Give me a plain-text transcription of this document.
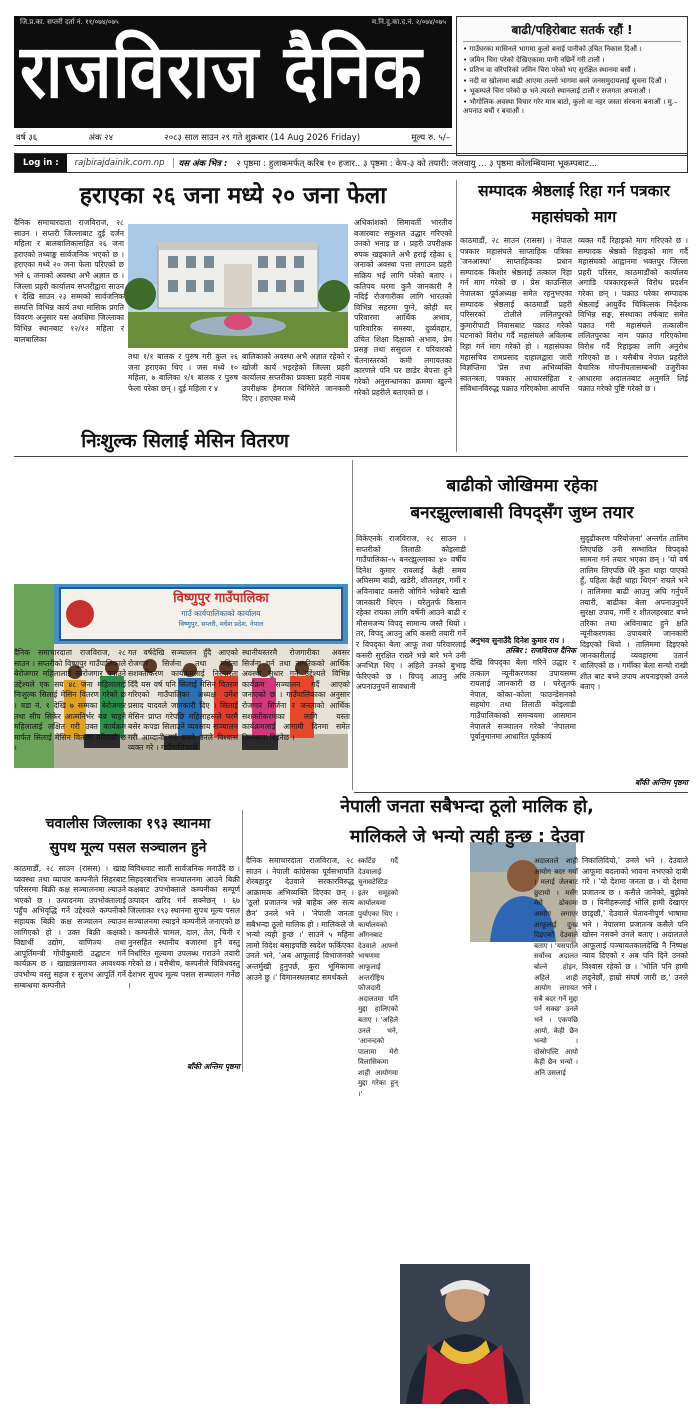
जि.प्र.का. सप्तरी दर्ता नं. ११/०७४/०७५	म.नि.दु.का.द.नं. २/०७४/०७५
राजविराज दैनिक	बाढी/पहिरोबाट सतर्क रहौं !
• गाउँघरका मासिनले भागमा कुलो बनाई पानीको उचित निकास दिऔं ।
• जमिन चिरा परेको देखिएकामा पानी नछिर्ने गरी टालौं ।
• प्रतिभ वा वरिपरिको जमिन चिरा परेको भए सुरक्षित स्थानमा बसौं ।
• नदी वा खोलामा बाढी आएमा तल्लो भागमा बस्ने जनसमुदायलाई सूचना दिऔं ।
• भूकम्पले चिरा परेको छ भने त्यस्तो स्थानलाई टालौं र सजगता अपनाऔं ।
• भौगोलिक अवस्था विचार गरेर मात्र बाटो, कुलो वा नहर जस्ता संरचना बनाऔं । मु.–अपनाउ बचौं र बचाऔं ।
वर्ष ३६	अंक २४	२०८३ साल साउन २९ गते शुक्रबार (14 Aug 2026 Friday)	मूल्य रु. ५/–
Log in :	rajbirajdainik.com.np	यस अंक भित्र :	२ पृष्ठमा : हुलाकमर्फत् करिब १० हजार.. ३ पृष्ठमा : केप-३ को तयारी: जलवायु ... ३ पृष्ठमा कोलम्बियामा भूकम्पबाट...
हराएका २६ जना मध्ये २० जना फेला
दैनिक समाचारदाता राजविराज, २८ साउन । सप्तरी जिल्लाबाट दुई दर्जन महिला र बालबालिकासहित २६ जना हराएको तथ्याङ्क सार्वजनिक भएको छ । हराएका मध्ये २० जना फेला परिएको छ भने ६ जनाको अवस्था अभै अज्ञात छ । जिल्ला प्रहरी कार्यालय सप्तरीद्वारा साउन १ देखि साउन २३ सम्मको सार्वजनिक सम्पत्ति विभिन्न कार्य तथा मासिक प्रगति विवरण अनुसार यस अवधिमा जिल्लाका विभिन्न स्थानबाट १२/१२ महिला र बालबालिका
तथा १/१ बालक र पुरुष गरी कुल २६ जना हराएका थिए । जस मध्ये १० महिला, ७ बालिका १/१ बालक र पुरुष फेला परेका छन् । दुई महिला र ४
बालिकाको अवस्था अभै अज्ञात रहेको र खोजी कार्य भइरहेको जिल्ला प्रहरी कार्यालय सप्तरीका प्रवक्ता प्रहरी नायब उपरीक्षक हेमराज थिमिरेले जानकारी दिए । हराएका मध्ये
अधिकांशको सिमावर्ती भारतीय बजारबाट सकुशल उद्धार गरिएको उनको भनाइ छ । प्रहरी उपरीक्षक रुपक खड्काले अभै हराई रहेका ६ जनाको अवस्था पत्ता लगाउन प्रहरी सक्रिय भई लागि परेको बताए । कतिपय घरमा कुनै जानकारी नै नदिई रोजगारीका लागि भारतको विभिन्न सहरमा पुग्ने, कोही घर परिवारमा आर्थिक अभाव, पारिवारिक समस्या, दुर्व्यवहार, उचित शिक्षा दिक्षाको अभाव, प्रेम प्रसङ्ग तथा ससुराल र परिवारको चेतनास्तरको कमी लगायतका कारणले पनि घर छाडेर बेपत्ता हुने गरेको अनुसन्धानका क्रममा खुल्ने गरेको प्रहरीले बताएको छ ।
सम्पादक श्रेष्ठलाई रिहा गर्न पत्रकार महासंघको माग
काठमाडौं, २८ साउन (रासस) । नेपाल पत्रकार महासंघले साप्ताहिक पत्रिका 'जनआस्था' साप्ताहिकका प्रधान सम्पादक किशोर श्रेष्ठलाई तत्काल रिहा गर्न माग गरेको छ । प्रेस काउन्सिल नेपालका पूर्वअध्यक्ष समेत रहनुभएका सम्पादक श्रेष्ठलाई काठमाडौं प्रहरी परिसरको टोलीले ललितपुरको कुमारीपाटी निवासबाट पक्राउ गरेको घटनाको विरोध गर्दै महासंघले अविलम्ब रिहा गर्न माग गरेको हो । महासंघका महासचिव रामप्रसाद दाहालद्वारा जारी विज्ञप्तिमा 'प्रेस तथा अभिव्यक्ति स्वतन्त्रता, पत्रकार आचारसंहिता र संविधानविरुद्ध पक्राउ गरिएकोमा आपत्ति
व्यक्त गर्दै रिहाइको माग गरिएको छ । सम्पादक श्रेष्ठको रिहाइको माग गर्दै महासंघको आह्वानमा भक्तपुर जिल्ला प्रहरी परिसर, काठमाडौंको कार्यालय अगाडि पत्रकारहरूले विरोध प्रदर्शन गरेका छन् । पक्राउ परेका सम्पादक श्रेष्ठलाई आयुर्वेद चिकित्सक निर्देशक विभिन्न सङ्घ, संस्थाका तर्फबाट समेत पक्राउ गरी महासंघले तत्कालीन ललितपुरका नाम पक्राउ गरिएकोमा विरोध गर्दै रिहाइका लागि अनुरोध गरिएको छ । यसैबीच नेपाल प्रहरीले वैचारिक गोपनीयतासम्बन्धी उजुरीका आधारमा अदालतबाट अनुमति लिई पक्राउ गरेको पुष्टि गरेको छ ।
निःशुल्क सिलाई मेसिन वितरण
विष्णुपुर गाउँपालिका
गाउँ कार्यपालिकाको कार्यालय
विष्णुपुर, सप्तरी, मधेश प्रदेश, नेपाल
दैनिक समाचारदाता राजविराज, २८ साउन । सप्तरीको विष्णुपुर गाउँपालिकाले बेरोजगार महिलालाई स्वरोजगार बनाउने उद्देश्यले एक सय ४८ जना महिलालाई निःशुल्क सिलाई मेसिन वितरण गरेको छ । वडा नं. १ देखि ७ सम्मका बेरोजगार तथा सीप सिकेर आत्मनिर्भर बन्न चाहने महिलालाई लक्षित गरी उक्त कार्यक्रम मार्फत सिलाई मेसिन वितरण गरिएको छ ।
गत वर्षदेखि सञ्चालन हुँदै आएको रोजगार सिर्जना तथा महिला सशक्तीकरण कार्यक्रमलाई निरन्तरता दिँदै यस वर्ष पनि सिलाई मेसिन वितरण गरिएको गाउँपालिका अध्यक्ष उमेश प्रसाद यादवले जानकारी दिए । सिलाई मेसिन प्राप्त गरेपछि महिलाहरूले घरमै बसेर कपडा सिलाउने व्यवसाय सञ्चालन गरी आम्दानी गर्न सक्ने उनले विश्वास व्यक्त गरे । गाउँपालिकाले
स्थानीयस्तरमै रोजगारीका अवसर सिर्जना गर्न तथा नागरिकको आर्थिक अवस्था सुधार गर्ने उद्देश्यले विभिन्न कार्यक्रम सञ्चालन गर्दै आएको जनाएको छ । गाउँपालिकाका अनुसार रोजगार सिर्जना र जनताको आर्थिक सशक्तीकरणका लागि यस्ता कार्यक्रमलाई आगामी दिनमा समेत निरन्तरता दिइनेछ ।
बाढीको जोखिममा रहेका
बनरझुल्लाबासी विपद्सँग जुध्न तयार
विकेएनके राजविराज, २८ साउन । सप्तरीको तिलाठी कोइलाडी गाउँपालिका–५ बनरझुल्लाका ४० वर्षीय दिनेश कुमार रायलाई केही समय अघिसम्म बाढी, खडेरी, शीतलहर, गर्मी र अविनाबाट कसरी जोगिने भन्नेबारे खासै जानकारी थिएन । घरेलुतर्फ किसान रहेका रायका लागि वर्षेनी आउने बाढी र मौसमजन्य विपद् सामान्य जस्तै थियो । तर, विपद् आउनु अघि कसरी तयारी गर्ने र विपद्का बेला आफू तथा परिवारलाई कसरी सुरक्षित राख्ने भन्ने बारे भने उनी अनभिज्ञ थिए । अहिले उनको बुभाइ फेरिएको छ । विपद् आउनु अघि अपनाउनुपर्ने सावधानी
अनुभव सुनाउँदै दिनेश कुमार राय ।
तस्बिर : राजविराज दैनिक
देखि विपद्का बेला गरिने उद्धार र तत्काल न्यूनीकरणका उपायसम्म रायलाई जानकारी छ । घरेलुतर्फ नेपाल, कोका–कोला फाउन्डेसनको सहयोग तथा तिलाठी कोइलाडी गाउँपालिकाको समन्वयमा आसमान नेपालले सञ्चालन गरेको 'नेपालमा पूर्वानुमानमा आधारित पूर्वकार्य
सुदृढीकरण परियोजना' अन्तर्गत तालिम लिएपछि उनी सम्भावित विपद्को सामना गर्न तयार भएका छन् । 'यो वर्ष तालिम लिएपछि धेरै कुरा थाहा पाएको हुँ, पहिला केही थाहा थिएन' रायले भने । तालिममा बाढी आउनु अघि गर्नुपर्ने तयारी, बाढीका बेला अपनाउनुपर्ने सुरक्षा उपाय, गर्मी र शीतलहरबाट बच्ने तरिका तथा अविनाबाट हुने क्षति न्यूनीकरणका उपायबारे जानकारी दिइएको थियो । तालिममा दिइएको जानकारीलाई व्यवहारमा उतार्न थालिएको छ । गर्मीका बेला सन्चो राखी शीत बाट बच्ने उपाय अपनाइएको उनले बताए ।
बाँकी अन्तिम पृष्ठमा
चवालीस जिल्लाका १९३ स्थानमा
सुपथ मूल्य पसल सञ्चालन हुने
काठमाडौं, २८ साउन (रासस) । खाद्य व्यवस्था तथा व्यापार कम्पनीले सिहरबाट परिसरमा बिक्री कक्ष सञ्चालनमा ल्याउने भएको छ । उत्पादनमा उपभोक्तालाई पहुँच अभिवृद्धि गर्ने उद्देश्यले कम्पनीको सहायक बिक्री कक्ष सञ्चालन ल्याउन लागिएको हो । उक्त बिक्री कक्षको विद्यार्थी उद्योग, वाणिज्य तथा आपूर्तिमन्त्री गोपीकुमारी उद्घाटन गर्ने कार्यक्रम छ । खाद्यान्नलगायत आवश्यक उपभोग्य वस्तु सहज र सुलभ आपूर्ति गर्ने सम्बन्धमा कम्पनीले
विविधवाट सातौं सार्वजनिक मनाउँदै छ । सिहदरबारभित्र सञ्चालनमा आउने बिक्री कक्षबाट उपभोक्ताले कम्पनीका सम्पूर्ण उत्पादन खरिद गर्न सक्नेछन् । ६७ जिल्लाका १९३ स्थानमा सुपथ मूल्य पसल सञ्चालनमा ल्याइने कम्पनीले जनाएको छ । कम्पनीले चामल, दाल, तेल, चिनी र नुनसहित स्थानीय बजारमा हुने वस्तु निर्धारित मूल्यमा उपलब्ध गराउने तयारी गरेको छ । यसैबीच, कम्पनीले विविधवस्तु देशभर सुपथ मूल्य पसल सञ्चालन गर्नेछ ।
बाँकी अन्तिम पृष्ठमा
नेपाली जनता सबैभन्दा ठूलो मालिक हो,
मालिकले जे भन्यो त्यही हुन्छ : देउवा
दैनिक समाचारदाता राजविराज, २८ साउन । नेपाली कांग्रेसका पूर्वसभापति शेरबहादुर देउवाले सरकारविरुद्ध आक्रामक अभिव्यक्ति दिएका छन् । 'ठूलो प्रजातन्त्र भन्ने बाहेक अरु सत्य छैन' उनले भने । 'नेपाली जनता सबैभन्दा ठूलो मालिक हो । मालिकले जे भन्यो त्यही हुन्छ ।' साउने ५ महिना लामो विदेश बसाइपछि स्वदेश फर्किएका उनले भने, 'अब आफूलाई विभाजनको अन्तर्मुखी हुनुपर्छ, कुरा भूमिकामा आउने छु ।' विमानस्थलबाट समर्थकले
स्कर्टिङ गर्दै देउवालाई चुनावटेस्टिङ इतर समूहको कार्यालयमा पुर्याएका थिए । कार्यालयको आँगनबाट देउवाले आफ्नो भाषणमा आफूलाई अन्तर्राष्ट्रिय फौजदारी अदालतमा पनि मुद्दा हालिएको बताए । 'अहिले उनले भने, 'आनन्दको पालामा मेरो विलासिकमा शाही आयोगमा मुद्दा गरेका हुन् ।'
अदालतले शाही आयोग बदर गर्यो । मलाई जेलबाट छुटायो । मसँग मेरो ढोकामा आयोग लगाएर आफूलाई दुःख दिइएको देउवाले बताए । 'यसपालि सर्वोच्च अदालत बोल्ने होइन, अहिले शाही आयोग लगायत सबै बदर गर्ने मुद्दा पर्न सक्छ' उनले भने । एकपछि आयो, केही छैन भन्यो । दोस्रोपल्टि आयो केही छैन भन्यो । अनि उसलाई
निकालिदियो,' उनले भने । देउवाले आफूमा बदलाको भावना नभएको दाबी गरे । 'यो देशमा जनता छ । यो देशमा प्रजातन्त्र छ । कसैले जानेको, बुझेको छ । यिनीहरूलाई भोलि हामी देखाएर छाड्छौं,' देउवाले चेतावनीपूर्ण भाषामा भने । नेपालमा प्रजातन्त्र कसैले पनि खोस्न नसक्ने उनले बताए । अदालतले आफूलाई पञ्चायतकालदेखि नै निष्पक्ष न्याय दिएको र अब पनि दिने उनको विश्वास रहेको छ । 'भोलि पनि हामी लड्नेछौं, हाम्रो संघर्ष जारी छ,' उनले भने ।
